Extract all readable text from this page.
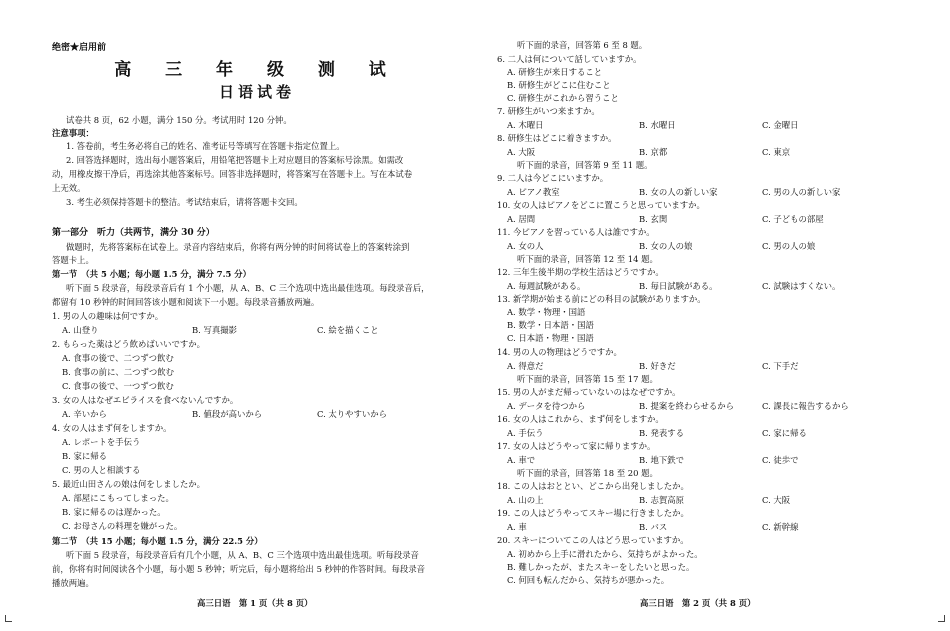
绝密★启用前
高 三 年 级 测 试
日语试卷
试卷共 8 页，62 小题，满分 150 分。考试用时 120 分钟。
注意事项：
1. 答卷前，考生务必将自己的姓名、准考证号等填写在答题卡指定位置上。
2. 回答选择题时，选出每小题答案后，用铅笔把答题卡上对应题目的答案标号涂黑。如需改
动，用橡皮擦干净后，再选涂其他答案标号。回答非选择题时，将答案写在答题卡上。写在本试卷
上无效。
3. 考生必须保持答题卡的整洁。考试结束后，请将答题卡交回。
第一部分　听力（共两节，满分 30 分）
做题时，先将答案标在试卷上。录音内容结束后，你将有两分钟的时间将试卷上的答案转涂到
答题卡上。
第一节　（共 5 小题；每小题 1.5 分，满分 7.5 分）
听下面 5 段录音，每段录音后有 1 个小题，从 A、B、C 三个选项中选出最佳选项。每段录音后，
都留有 10 秒钟的时间回答该小题和阅读下一小题。每段录音播放两遍。
1. 男の人の趣味は何ですか。
A. 山登り	B. 写真撮影	C. 絵を描くこと
2. もらった薬はどう飲めばいいですか。
A. 食事の後で、二つずつ飲む
B. 食事の前に、二つずつ飲む
C. 食事の後で、一つずつ飲む
3. 女の人はなぜエビライスを食べないんですか。
A. 辛いから	B. 値段が高いから	C. 太りやすいから
4. 女の人はまず何をしますか。
A. レポートを手伝う
B. 家に帰る
C. 男の人と相談する
5. 最近山田さんの娘は何をしましたか。
A. 部屋にこもってしまった。
B. 家に帰るのは遅かった。
C. お母さんの料理を嫌がった。
第二节　（共 15 小题；每小题 1.5 分，满分 22.5 分）
听下面 5 段录音，每段录音后有几个小题，从 A、B、C 三个选项中选出最佳选项。听每段录音
前，你将有时间阅读各个小题，每小题 5 秒钟；听完后，每小题将给出 5 秒钟的作答时间。每段录音
播放两遍。
高三日语　第 1 页（共 8 页）
听下面的录音，回答第 6 至 8 题。
6. 二人は何について話していますか。
A. 研修生が来日すること
B. 研修生がどこに住むこと
C. 研修生がこれから習うこと
7. 研修生がいつ来ますか。
A. 木曜日	B. 水曜日	C. 金曜日
8. 研修生はどこに着きますか。
A. 大阪	B. 京都	C. 東京
听下面的录音，回答第 9 至 11 题。
9. 二人は今どこにいますか。
A. ピアノ教室	B. 女の人の新しい家	C. 男の人の新しい家
10. 女の人はピアノをどこに置こうと思っていますか。
A. 居間	B. 玄関	C. 子どもの部屋
11. 今ピアノを習っている人は誰ですか。
A. 女の人	B. 女の人の娘	C. 男の人の娘
听下面的录音，回答第 12 至 14 题。
12. 三年生後半期の学校生活はどうですか。
A. 毎週試験がある。	B. 毎日試験がある。	C. 試験はすくない。
13. 新学期が始まる前にどの科目の試験がありますか。
A. 数学・物理・国語
B. 数学・日本語・国語
C. 日本語・物理・国語
14. 男の人の物理はどうですか。
A. 得意だ	B. 好きだ	C. 下手だ
听下面的录音，回答第 15 至 17 题。
15. 男の人がまだ帰っていないのはなぜですか。
A. データを待つから	B. 提案を終わらせるから	C. 課長に報告するから
16. 女の人はこれから、まず何をしますか。
A. 手伝う	B. 発表する	C. 家に帰る
17. 女の人はどうやって家に帰りますか。
A. 車で	B. 地下鉄で	C. 徒歩で
听下面的录音，回答第 18 至 20 题。
18. この人はおととい、どこから出発しましたか。
A. 山の上	B. 志賀高原	C. 大阪
19. この人はどうやってスキー場に行きましたか。
A. 車	B. バス	C. 新幹線
20. スキーについてこの人はどう思っていますか。
A. 初めから上手に滑れたから、気持ちがよかった。
B. 難しかったが、またスキーをしたいと思った。
C. 何回も転んだから、気持ちが悪かった。
高三日语　第 2 页（共 8 页）
